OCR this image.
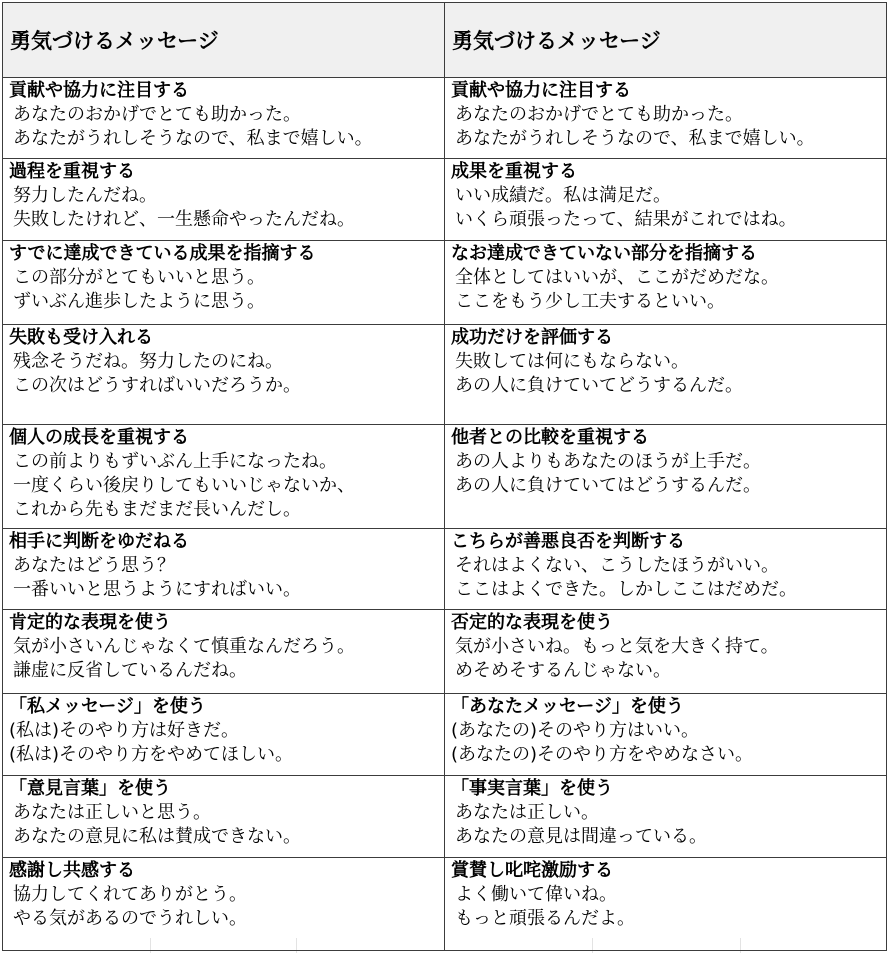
勇気づけるメッセージ	勇気づけるメッセージ

貢献や協力に注目する
あなたのおかげでとても助かった。
あなたがうれしそうなので、私まで嬉しい。	貢献や協力に注目する
あなたのおかげでとても助かった。
あなたがうれしそうなので、私まで嬉しい。

過程を重視する
努力したんだね。
失敗したけれど、一生懸命やったんだね。	成果を重視する
いい成績だ。私は満足だ。
いくら頑張ったって、結果がこれではね。

すでに達成できている成果を指摘する
この部分がとてもいいと思う。
ずいぶん進歩したように思う。	なお達成できていない部分を指摘する
全体としてはいいが、ここがだめだな。
ここをもう少し工夫するといい。

失敗も受け入れる
残念そうだね。努力したのにね。
この次はどうすればいいだろうか。	成功だけを評価する
失敗しては何にもならない。
あの人に負けていてどうするんだ。

個人の成長を重視する
この前よりもずいぶん上手になったね。
一度くらい後戻りしてもいいじゃないか、
これから先もまだまだ長いんだし。	他者との比較を重視する
あの人よりもあなたのほうが上手だ。
あの人に負けていてはどうするんだ。

相手に判断をゆだねる
あなたはどう思う？
一番いいと思うようにすればいい。	こちらが善悪良否を判断する
それはよくない、こうしたほうがいい。
ここはよくできた。しかしここはだめだ。

肯定的な表現を使う
気が小さいんじゃなくて慎重なんだろう。
謙虚に反省しているんだね。	否定的な表現を使う
気が小さいね。もっと気を大きく持て。
めそめそするんじゃない。

「私メッセージ」を使う
(私は)そのやり方は好きだ。
(私は)そのやり方をやめてほしい。	「あなたメッセージ」を使う
(あなたの)そのやり方はいい。
(あなたの)そのやり方をやめなさい。

「意見言葉」を使う
あなたは正しいと思う。
あなたの意見に私は賛成できない。	「事実言葉」を使う
あなたは正しい。
あなたの意見は間違っている。

感謝し共感する
協力してくれてありがとう。
やる気があるのでうれしい。	賞賛し叱咤激励する
よく働いて偉いね。
もっと頑張るんだよ。
